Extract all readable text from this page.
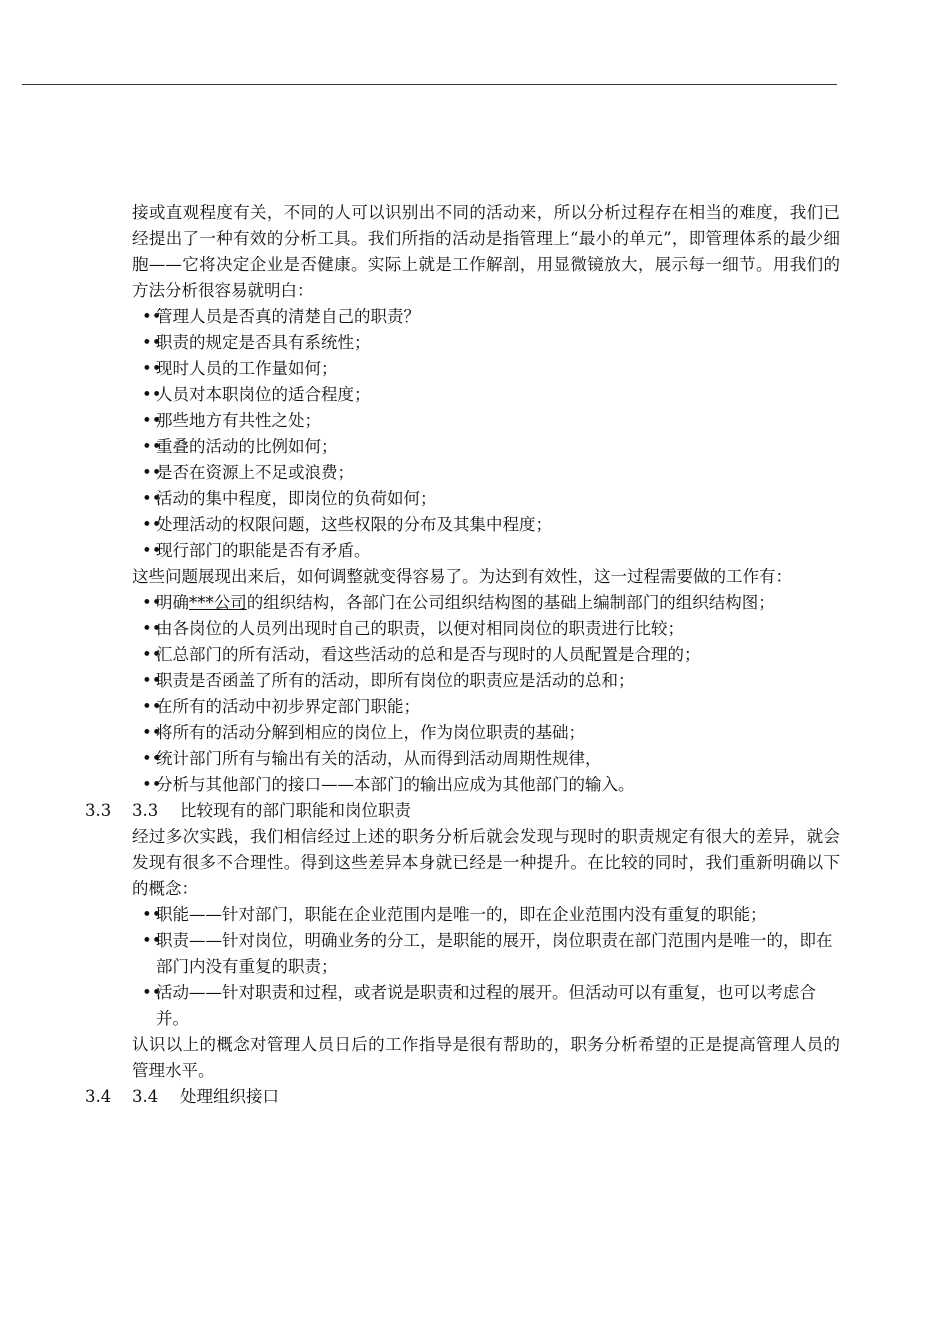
接或直观程度有关，不同的人可以识别出不同的活动来，所以分析过程存在相当的难度，我们已经提出了一种有效的分析工具。我们所指的活动是指管理上“最小的单元”，即管理体系的最少细胞——它将决定企业是否健康。实际上就是工作解剖，用显微镜放大，展示每一细节。用我们的方法分析很容易就明白：

••
管理人员是否真的清楚自己的职责？
••
职责的规定是否具有系统性；
••
现时人员的工作量如何；
••
人员对本职岗位的适合程度；
••
那些地方有共性之处；
••
重叠的活动的比例如何；
••
是否在资源上不足或浪费；
••
活动的集中程度，即岗位的负荷如何；
••
处理活动的权限问题，这些权限的分布及其集中程度；
••
现行部门的职能是否有矛盾。

这些问题展现出来后，如何调整就变得容易了。为达到有效性，这一过程需要做的工作有：

••
明确***公司的组织结构，各部门在公司组织结构图的基础上编制部门的组织结构图；
••
由各岗位的人员列出现时自己的职责，以便对相同岗位的职责进行比较；
••
汇总部门的所有活动，看这些活动的总和是否与现时的人员配置是合理的；
••
职责是否函盖了所有的活动，即所有岗位的职责应是活动的总和；
••
在所有的活动中初步界定部门职能；
••
将所有的活动分解到相应的岗位上，作为岗位职责的基础；
••
统计部门所有与输出有关的活动，从而得到活动周期性规律，
••
分析与其他部门的接口——本部门的输出应成为其他部门的输入。
3.3 3.3 比较现有的部门职能和岗位职责

经过多次实践，我们相信经过上述的职务分析后就会发现与现时的职责规定有很大的差异，就会发现有很多不合理性。得到这些差异本身就已经是一种提升。在比较的同时，我们重新明确以下的概念：

••
职能——针对部门，职能在企业范围内是唯一的，即在企业范围内没有重复的职能；
••
职责——针对岗位，明确业务的分工，是职能的展开，岗位职责在部门范围内是唯一的，即在部门内没有重复的职责；
••
活动——针对职责和过程，或者说是职责和过程的展开。但活动可以有重复，也可以考虑合并。

认识以上的概念对管理人员日后的工作指导是很有帮助的，职务分析希望的正是提高管理人员的管理水平。

3.4 3.4 处理组织接口
